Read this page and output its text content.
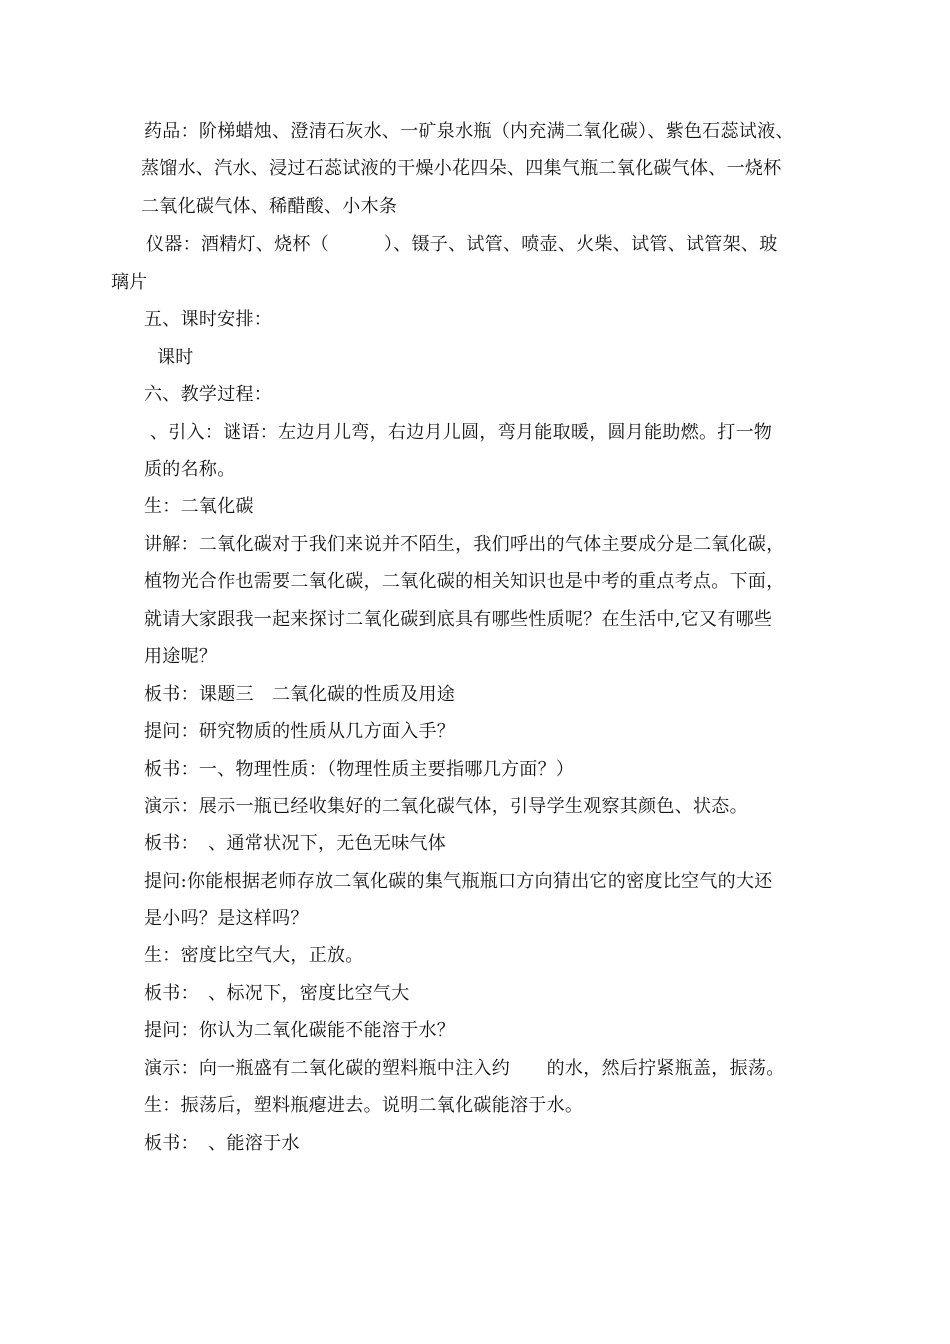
药品：阶梯蜡烛、澄清石灰水、一矿泉水瓶（内充满二氧化碳）、紫色石蕊试液、
蒸馏水、汽水、浸过石蕊试液的干燥小花四朵、四集气瓶二氧化碳气体、一烧杯
二氧化碳气体、稀醋酸、小木条
仪器：酒精灯、烧杯（　　　）、镊子、试管、喷壶、火柴、试管、试管架、玻
璃片
五、课时安排：
课时
六、教学过程：
、引入：谜语：左边月儿弯，右边月儿圆，弯月能取暖，圆月能助燃。打一物
质的名称。
生：二氧化碳
讲解：二氧化碳对于我们来说并不陌生，我们呼出的气体主要成分是二氧化碳，
植物光合作也需要二氧化碳，二氧化碳的相关知识也是中考的重点考点。下面，
就请大家跟我一起来探讨二氧化碳到底具有哪些性质呢？在生活中,它又有哪些
用途呢？
板书：课题三　二氧化碳的性质及用途
提问：研究物质的性质从几方面入手？
板书：一、物理性质：（物理性质主要指哪几方面？）
演示：展示一瓶已经收集好的二氧化碳气体，引导学生观察其颜色、状态。
板书：　、通常状况下，无色无味气体
提问:你能根据老师存放二氧化碳的集气瓶瓶口方向猜出它的密度比空气的大还
是小吗？是这样吗？
生：密度比空气大，正放。
板书：　、标况下，密度比空气大
提问：你认为二氧化碳能不能溶于水？
演示：向一瓶盛有二氧化碳的塑料瓶中注入约　　的水，然后拧紧瓶盖，振荡。
生：振荡后，塑料瓶瘪进去。说明二氧化碳能溶于水。
板书：　、能溶于水
